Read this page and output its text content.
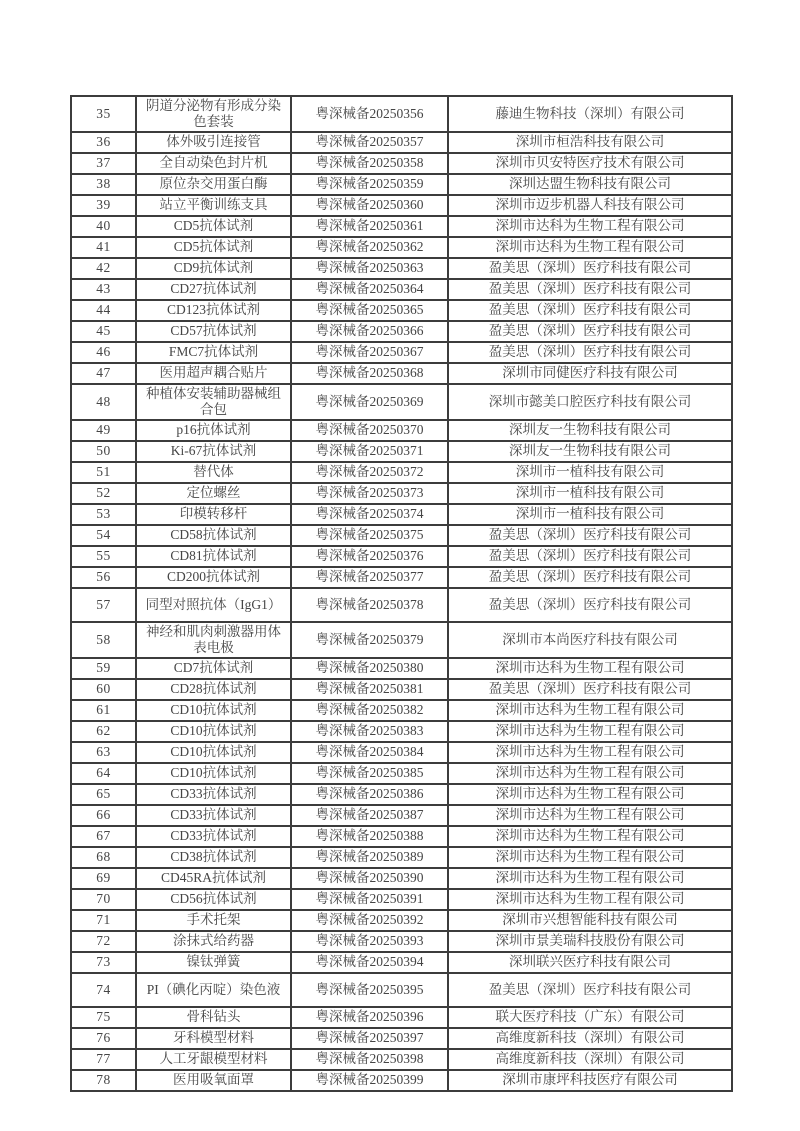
35	阴道分泌物有形成分染色套装	粤深械备20250356	藤迪生物科技（深圳）有限公司
36	体外吸引连接管	粤深械备20250357	深圳市桓浩科技有限公司
37	全自动染色封片机	粤深械备20250358	深圳市贝安特医疗技术有限公司
38	原位杂交用蛋白酶	粤深械备20250359	深圳达盟生物科技有限公司
39	站立平衡训练支具	粤深械备20250360	深圳市迈步机器人科技有限公司
40	CD5抗体试剂	粤深械备20250361	深圳市达科为生物工程有限公司
41	CD5抗体试剂	粤深械备20250362	深圳市达科为生物工程有限公司
42	CD9抗体试剂	粤深械备20250363	盈美思（深圳）医疗科技有限公司
43	CD27抗体试剂	粤深械备20250364	盈美思（深圳）医疗科技有限公司
44	CD123抗体试剂	粤深械备20250365	盈美思（深圳）医疗科技有限公司
45	CD57抗体试剂	粤深械备20250366	盈美思（深圳）医疗科技有限公司
46	FMC7抗体试剂	粤深械备20250367	盈美思（深圳）医疗科技有限公司
47	医用超声耦合贴片	粤深械备20250368	深圳市同健医疗科技有限公司
48	种植体安装辅助器械组合包	粤深械备20250369	深圳市懿美口腔医疗科技有限公司
49	p16抗体试剂	粤深械备20250370	深圳友一生物科技有限公司
50	Ki-67抗体试剂	粤深械备20250371	深圳友一生物科技有限公司
51	替代体	粤深械备20250372	深圳市一植科技有限公司
52	定位螺丝	粤深械备20250373	深圳市一植科技有限公司
53	印模转移杆	粤深械备20250374	深圳市一植科技有限公司
54	CD58抗体试剂	粤深械备20250375	盈美思（深圳）医疗科技有限公司
55	CD81抗体试剂	粤深械备20250376	盈美思（深圳）医疗科技有限公司
56	CD200抗体试剂	粤深械备20250377	盈美思（深圳）医疗科技有限公司
57	同型对照抗体（IgG1）	粤深械备20250378	盈美思（深圳）医疗科技有限公司
58	神经和肌肉刺激器用体表电极	粤深械备20250379	深圳市本尚医疗科技有限公司
59	CD7抗体试剂	粤深械备20250380	深圳市达科为生物工程有限公司
60	CD28抗体试剂	粤深械备20250381	盈美思（深圳）医疗科技有限公司
61	CD10抗体试剂	粤深械备20250382	深圳市达科为生物工程有限公司
62	CD10抗体试剂	粤深械备20250383	深圳市达科为生物工程有限公司
63	CD10抗体试剂	粤深械备20250384	深圳市达科为生物工程有限公司
64	CD10抗体试剂	粤深械备20250385	深圳市达科为生物工程有限公司
65	CD33抗体试剂	粤深械备20250386	深圳市达科为生物工程有限公司
66	CD33抗体试剂	粤深械备20250387	深圳市达科为生物工程有限公司
67	CD33抗体试剂	粤深械备20250388	深圳市达科为生物工程有限公司
68	CD38抗体试剂	粤深械备20250389	深圳市达科为生物工程有限公司
69	CD45RA抗体试剂	粤深械备20250390	深圳市达科为生物工程有限公司
70	CD56抗体试剂	粤深械备20250391	深圳市达科为生物工程有限公司
71	手术托架	粤深械备20250392	深圳市兴想智能科技有限公司
72	涂抹式给药器	粤深械备20250393	深圳市景美瑞科技股份有限公司
73	镍钛弹簧	粤深械备20250394	深圳联兴医疗科技有限公司
74	PI（碘化丙啶）染色液	粤深械备20250395	盈美思（深圳）医疗科技有限公司
75	骨科钻头	粤深械备20250396	联大医疗科技（广东）有限公司
76	牙科模型材料	粤深械备20250397	高维度新科技（深圳）有限公司
77	人工牙龈模型材料	粤深械备20250398	高维度新科技（深圳）有限公司
78	医用吸氧面罩	粤深械备20250399	深圳市康坪科技医疗有限公司
